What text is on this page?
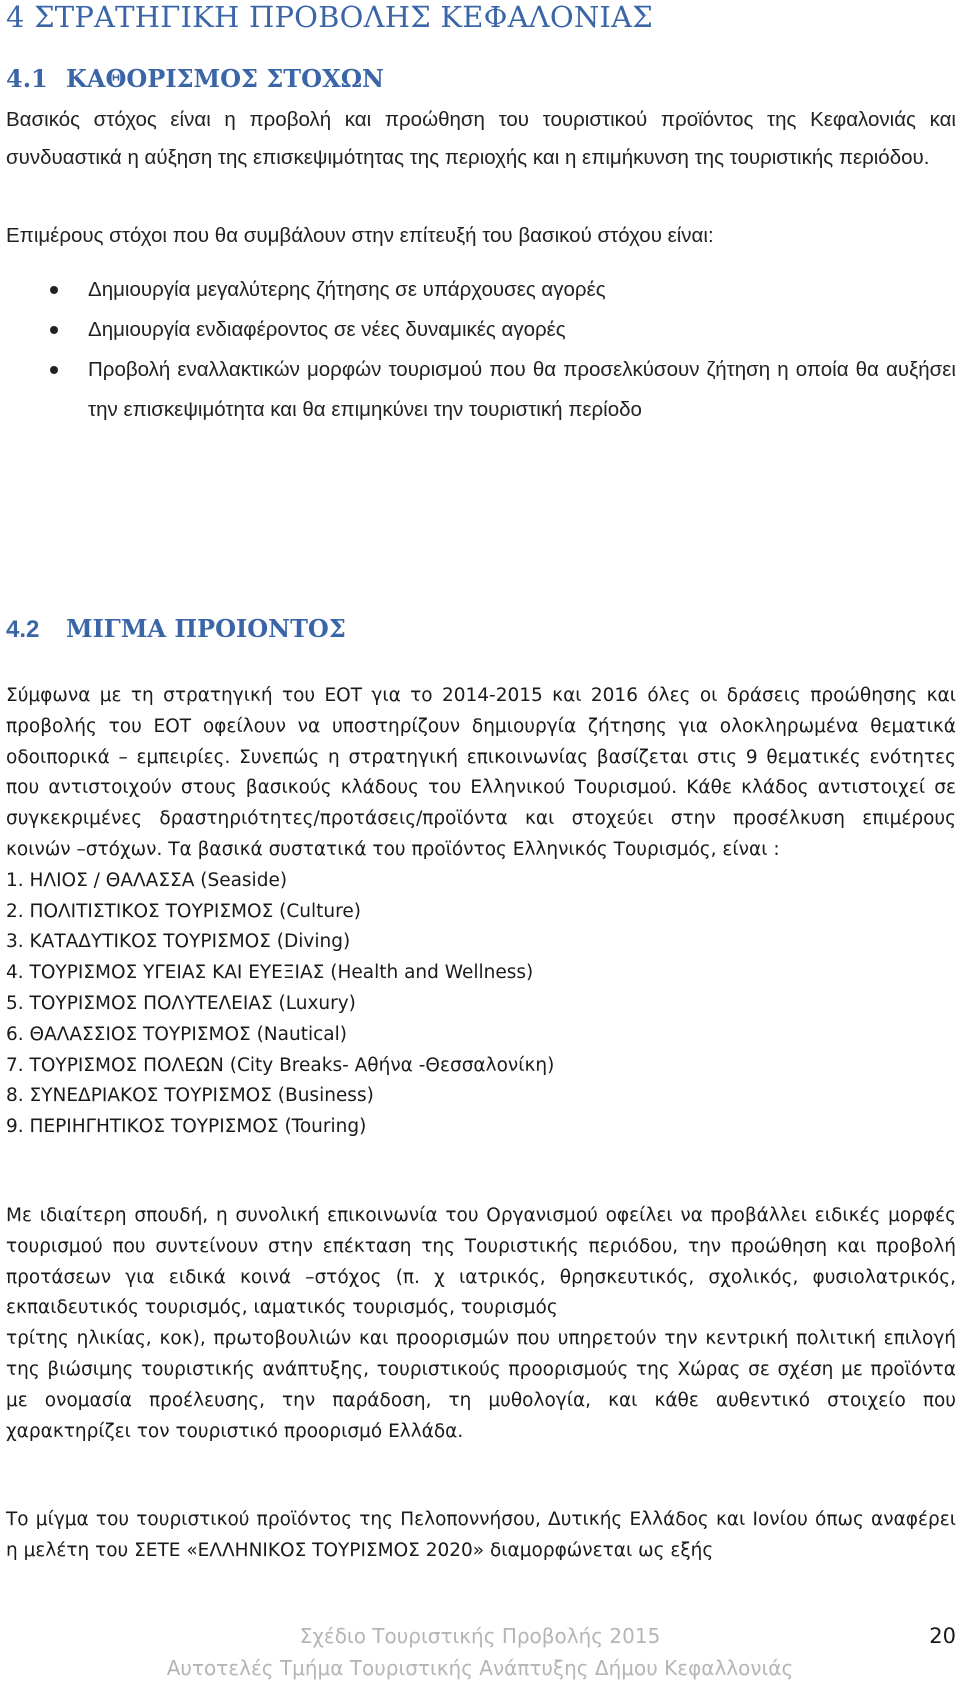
4 ΣΤΡΑΤΗΓΙΚΗ ΠΡΟΒΟΛΗΣ ΚΕΦΑΛΟΝΙΑΣ
4.1 ΚΑΘΟΡΙΣΜΟΣ ΣΤΟΧΩΝ
Βασικός στόχος είναι η προβολή και προώθηση του τουριστικού προϊόντος της Κεφαλονιάς και συνδυαστικά η αύξηση της επισκεψιμότητας της περιοχής και η επιμήκυνση της τουριστικής περιόδου.
Επιμέρους στόχοι που θα συμβάλουν στην επίτευξή του βασικού στόχου είναι:
Δημιουργία μεγαλύτερης ζήτησης σε υπάρχουσες αγορές
Δημιουργία ενδιαφέροντος σε νέες δυναμικές αγορές
Προβολή εναλλακτικών μορφών τουρισμού που θα προσελκύσουν ζήτηση η οποία θα αυξήσει την επισκεψιμότητα και θα επιμηκύνει την τουριστική περίοδο
4.2 ΜΙΓΜΑ ΠΡΟΙΟΝΤΟΣ

Σύμφωνα με τη στρατηγική του ΕΟΤ για το 2014-2015 και 2016 όλες οι δράσεις προώθησης και προβολής του ΕΟΤ οφείλουν να υποστηρίζουν δημιουργία ζήτησης για ολοκληρωμένα θεματικά οδοιπορικά – εμπειρίες. Συνεπώς η στρατηγική επικοινωνίας βασίζεται στις 9 θεματικές ενότητες που αντιστοιχούν στους βασικούς κλάδους του Ελληνικού Τουρισμού. Κάθε κλάδος αντιστοιχεί σε συγκεκριμένες δραστηριότητες/προτάσεις/προϊόντα και στοχεύει στην προσέλκυση επιμέρους κοινών –στόχων. Τα βασικά συστατικά του προϊόντος Ελληνικός Τουρισμός, είναι :

1. ΗΛΙΟΣ / ΘΑΛΑΣΣΑ (Seaside)
2. ΠΟΛΙΤΙΣΤΙΚΟΣ ΤΟΥΡΙΣΜΟΣ (Culture)
3. ΚΑΤΑΔΥΤΙΚΟΣ ΤΟΥΡΙΣΜΟΣ (Diving)
4. ΤΟΥΡΙΣΜΟΣ ΥΓΕΙΑΣ ΚΑΙ ΕΥΕΞΙΑΣ (Health and Wellness)
5. ΤΟΥΡΙΣΜΟΣ ΠΟΛΥΤΕΛΕΙΑΣ (Luxury)
6. ΘΑΛΑΣΣΙΟΣ ΤΟΥΡΙΣΜΟΣ (Nautical)
7. ΤΟΥΡΙΣΜΟΣ ΠΟΛΕΩΝ (City Breaks- Αθήνα -Θεσσαλονίκη)
8. ΣΥΝΕΔΡΙΑΚΟΣ ΤΟΥΡΙΣΜΟΣ (Business)
9. ΠΕΡΙΗΓΗΤΙΚΟΣ ΤΟΥΡΙΣΜΟΣ (Touring)

Με ιδιαίτερη σπουδή, η συνολική επικοινωνία του Οργανισμού οφείλει να προβάλλει ειδικές μορφές τουρισμού που συντείνουν στην επέκταση της Τουριστικής περιόδου, την προώθηση και προβολή προτάσεων για ειδικά κοινά –στόχος (π. χ ιατρικός, θρησκευτικός, σχολικός, φυσιολατρικός, εκπαιδευτικός τουρισμός, ιαματικός τουρισμός, τουρισμός

τρίτης ηλικίας, κοκ), πρωτοβουλιών και προορισμών που υπηρετούν την κεντρική πολιτική επιλογή της βιώσιμης τουριστικής ανάπτυξης, τουριστικούς προορισμούς της Χώρας σε σχέση με προϊόντα με ονομασία προέλευσης, την παράδοση, τη μυθολογία, και κάθε αυθεντικό στοιχείο που χαρακτηρίζει τον τουριστικό προορισμό Ελλάδα.

Το μίγμα του τουριστικού προϊόντος της Πελοποννήσου, Δυτικής Ελλάδος και Ιονίου όπως αναφέρει η μελέτη του ΣΕΤΕ «ΕΛΛΗΝΙΚΟΣ ΤΟΥΡΙΣΜΟΣ 2020» διαμορφώνεται ως εξής
Σχέδιο Τουριστικής Προβολής 2015
Αυτοτελές Τμήμα Τουριστικής Ανάπτυξης Δήμου Κεφαλλονιάς
20
